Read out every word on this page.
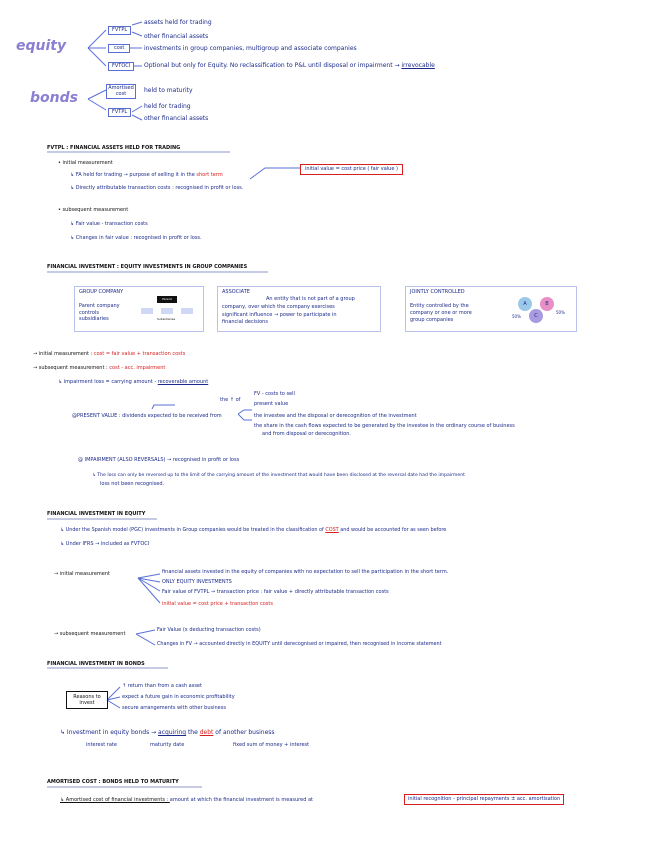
equity
bonds
FVTPL
cost
FVTOCI
Amortised cost
FVTPL
assets held for trading
other financial assets
investments in group companies, multigroup and associate companies
Optional but only for Equity. No reclassification to P&L until disposal or impairment → irrevocable
held to maturity
held for trading
other financial assets
FVTPL : FINANCIAL ASSETS HELD FOR TRADING
• initial measurement
↳ FA held for trading → purpose of selling it in the short term
↳ Directly attributable transaction costs : recognised in profit or loss.
initial value = cost price ( fair value )
• subsequent measurement
↳ Fair value - transaction costs
↳ Changes in fair value : recognised in profit or loss.
FINANCIAL INVESTMENT : EQUITY INVESTMENTS IN GROUP COMPANIES
GROUP COMPANY
Parent company
controls
subsidiaries
Parent company
Subsidiaries
ASSOCIATE
An entity that is not part of a group
company, over which the company exercises
significant influence → power to participate in
financial decisions
JOINTLY CONTROLLED
Entity controlled by the
company or one or more
group companies
A	B
C
50%
50%
→ initial measurement : cost = fair value + transaction costs
→ subsequent measurement : cost - acc. impairment
↳ impairment loss = carrying amount - recoverable amount
the ↑ of
FV - costs to sell
present value
@PRESENT VALUE : dividends expected to be received from	the investee and the disposal or derecognition of the investment
the share in the cash flows expected to be generated by the investee in the ordinary course of business
and from disposal or derecognition.
@ IMPAIRMENT (ALSO REVERSALS) → recognised in profit or loss
↳ The loss can only be reversed up to the limit of the carrying amount of the investment that would have been disclosed at the reversal date had the impairment
loss not been recognised.
FINANCIAL INVESTMENT IN EQUITY
↳ Under the Spanish model (PGC) investments in Group companies would be treated in the classification of COST and would be accounted for as seen before
↳ Under IFRS → included as FVTOCI
→ initial measurement	financial assets invested in the equity of companies with no expectation to sell the participation in the short term.
ONLY EQUITY INVESTMENTS
Fair value of FVTPL → transaction price : fair value + directly attributable transaction costs
initial value = cost price + transaction costs
→ subsequent measurement
Fair Value (x deducting transaction costs)
Changes in FV → accounted directly in EQUITY until derecognised or impaired, then recognised in income statement
FINANCIAL INVESTMENT IN BONDS
Reasons to invest
↑ return than from a cash asset
expect a future gain in economic profitability
secure arrangements with other business
↳ Investment in equity bonds → acquiring the debt of another business
interest rate	maturity date	fixed sum of money + interest
AMORTISED COST : BONDS HELD TO MATURITY
↳ Amortised cost of financial investments : amount at which the financial investment is measured at	initial recognition - principal repayments ± acc. amortisation
